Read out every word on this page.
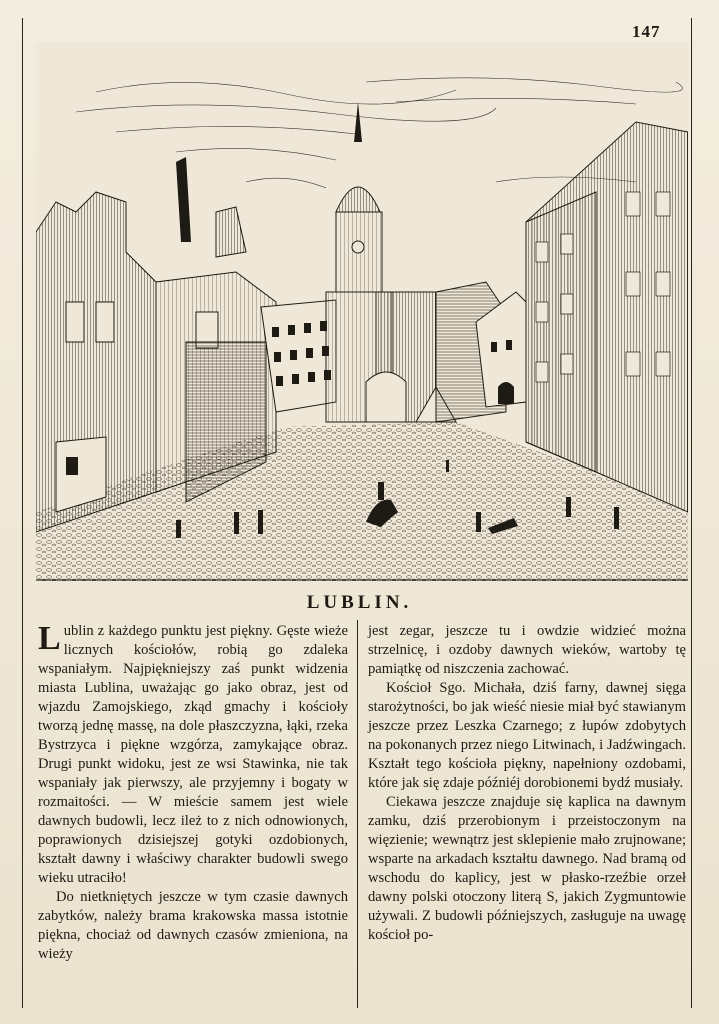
147
LUBLIN.

Lublin z każdego punktu jest piękny. Gęste wieże licznych kościołów, robią go zdaleka wspaniałym. Najpiękniejszy zaś punkt widzenia miasta Lublina, uważając go jako obraz, jest od wjazdu Zamojskiego, zkąd gmachy i kościoły tworzą jednę massę, na dole płaszczyzna, łąki, rzeka Bystrzyca i piękne wzgórza, zamykające obraz. Drugi punkt widoku, jest ze wsi Stawinka, nie tak wspaniały jak pierwszy, ale przyjemny i bogaty w rozmaitości. — W mieście samem jest wiele dawnych budowli, lecz ileż to z nich odnowionych, poprawionych dzisiejszej gotyki ozdobionych, kształt dawny i właściwy charakter budowli swego wieku utraciło!

Do nietkniętych jeszcze w tym czasie dawnych zabytków, należy brama krakowska massa istotnie piękna, chociaż od dawnych czasów zmieniona, na wieży

jest zegar, jeszcze tu i owdzie widzieć można strzelnicę, i ozdoby dawnych wieków, wartoby tę pamiątkę od niszczenia zachować.

Kościoł Sgo. Michała, dziś farny, dawnej sięga starożytności, bo jak wieść niesie miał być stawianym jeszcze przez Leszka Czarnego; z łupów zdobytych na pokonanych przez niego Litwinach, i Jadźwingach. Kształt tego kościoła piękny, napełniony ozdobami, które jak się zdaje późniéj dorobionemi bydź musiały.

Ciekawa jeszcze znajduje się kaplica na dawnym zamku, dziś przerobionym i przeistoczonym na więzienie; wewnątrz jest sklepienie mało zrujnowane; wsparte na arkadach kształtu dawnego. Nad bramą od wschodu do kaplicy, jest w płasko-rzeźbie orzeł dawny polski otoczony literą S, jakich Zygmuntowie używali. Z budowli późniejszych, zasługuje na uwagę kościoł po-
